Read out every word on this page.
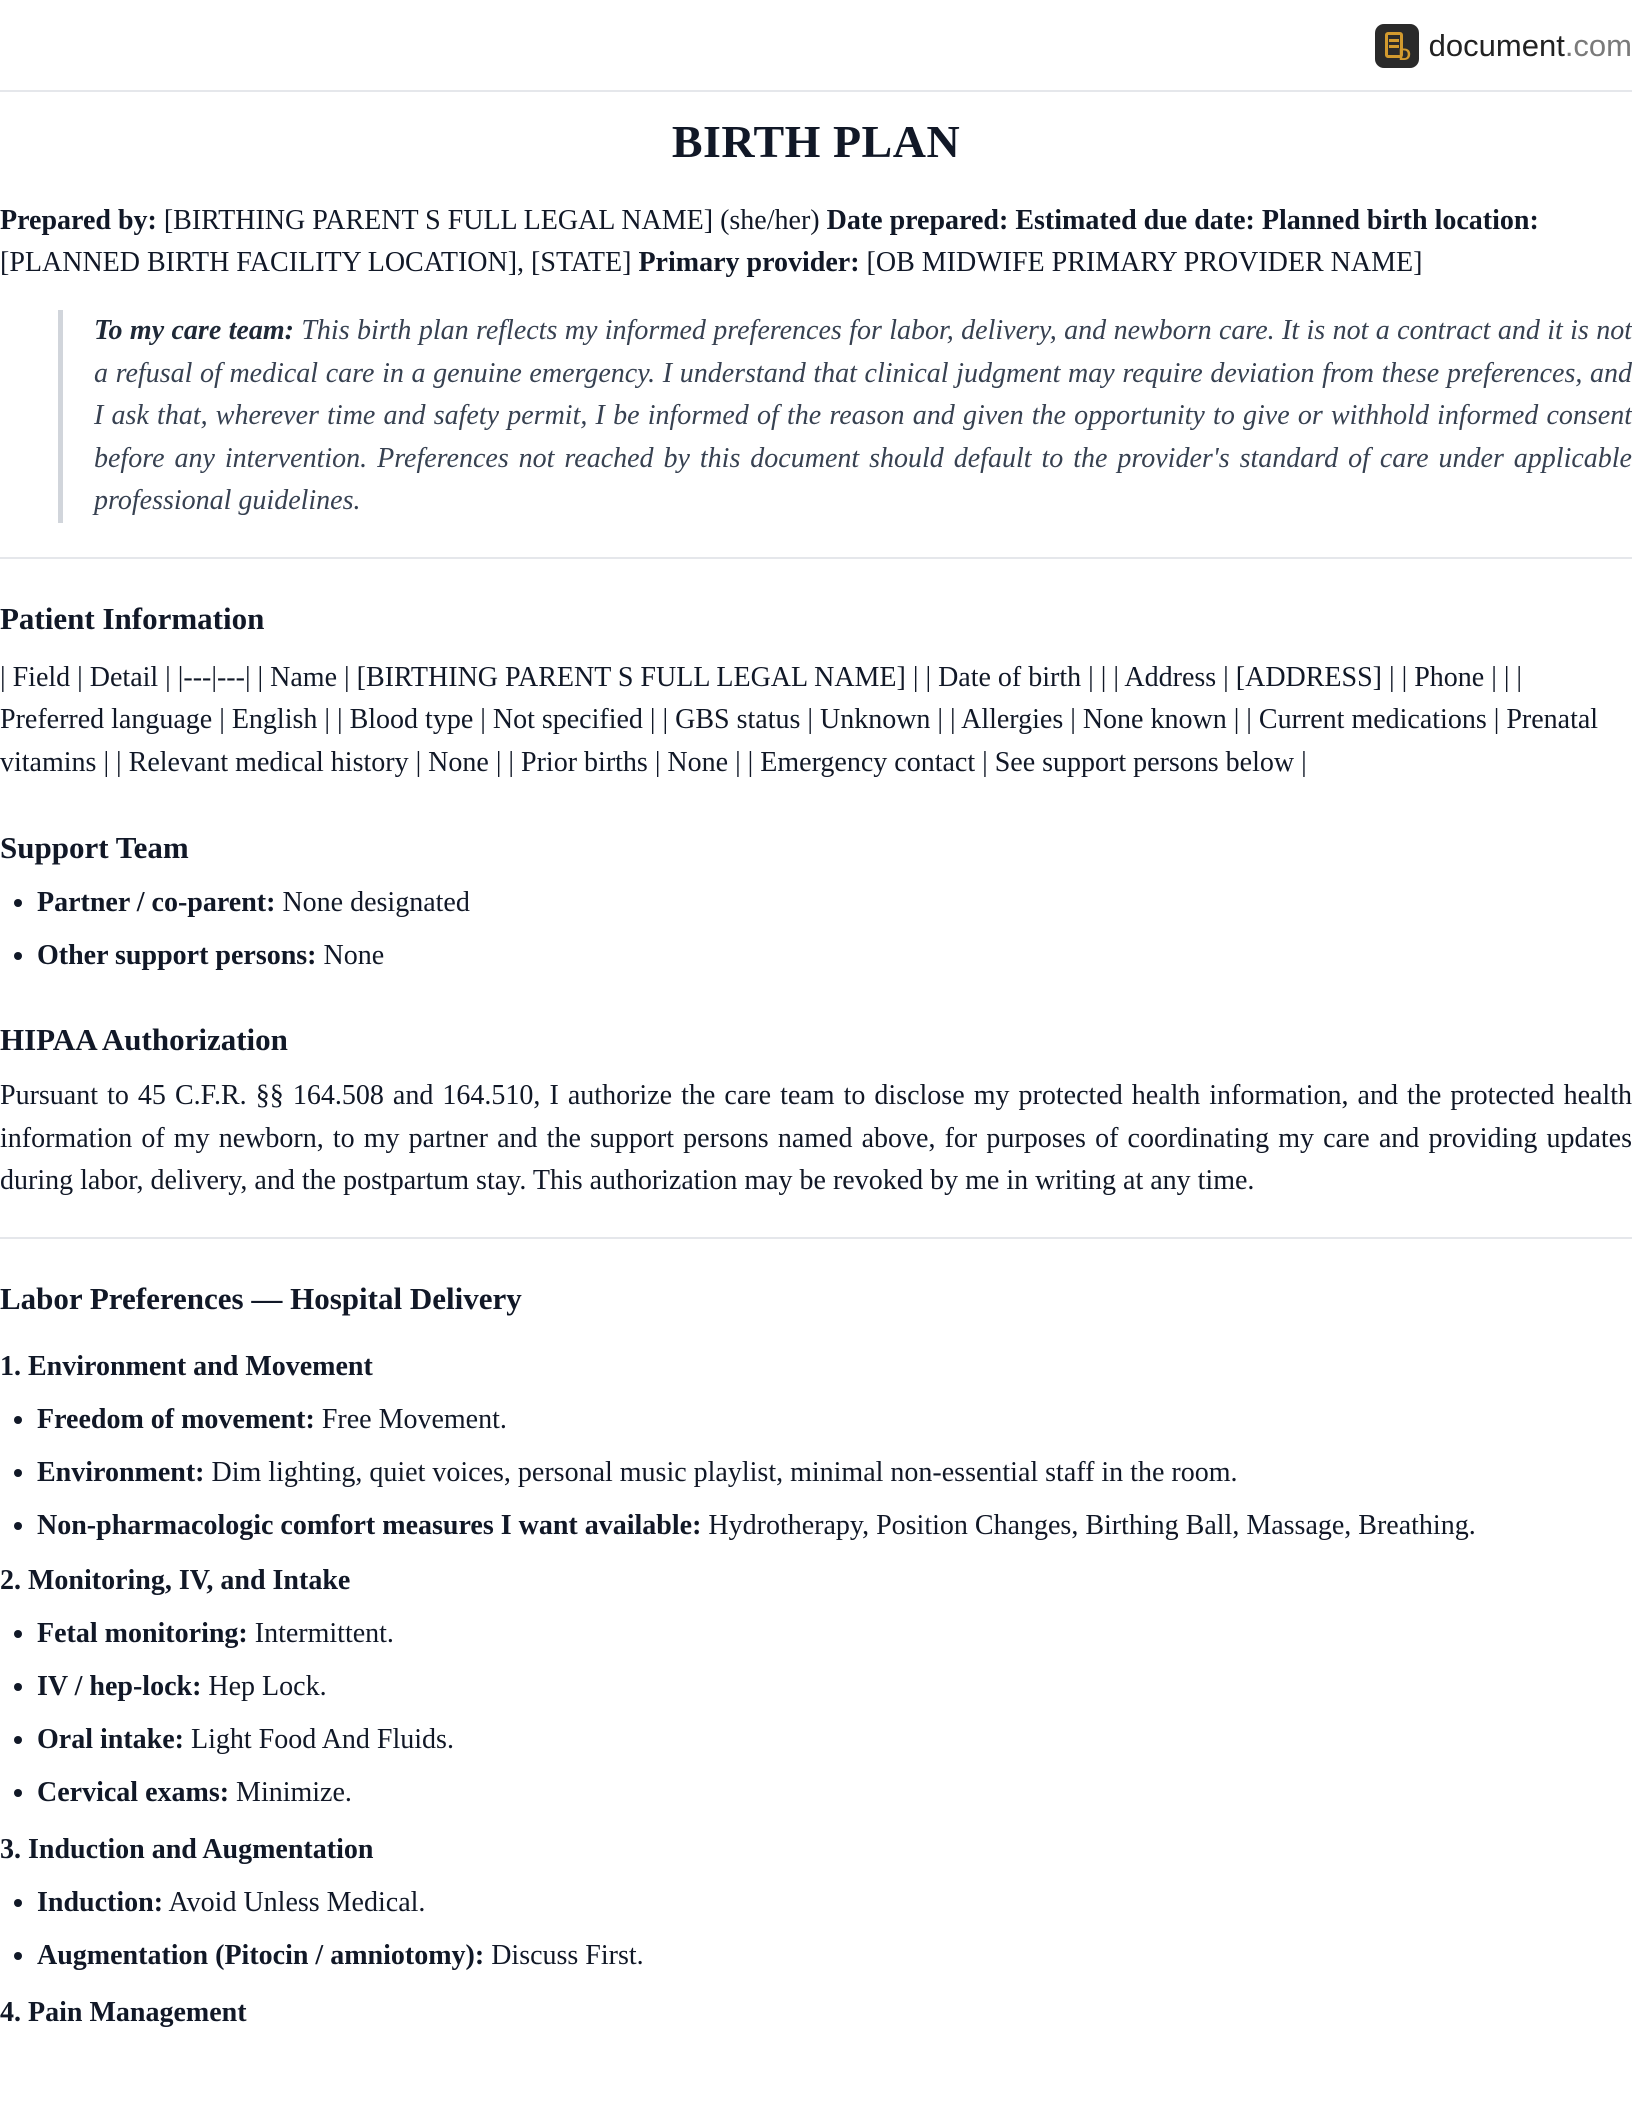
D document.com
BIRTH PLAN

Prepared by: [BIRTHING PARENT S FULL LEGAL NAME] (she/her) Date prepared: Estimated due date: Planned birth location: [PLANNED BIRTH FACILITY LOCATION], [STATE] Primary provider: [OB MIDWIFE PRIMARY PROVIDER NAME]

To my care team: This birth plan reflects my informed preferences for labor, delivery, and newborn care. It is not a contract and it is not a refusal of medical care in a genuine emergency. I understand that clinical judgment may require deviation from these preferences, and I ask that, wherever time and safety permit, I be informed of the reason and given the opportunity to give or withhold informed consent before any intervention. Preferences not reached by this document should default to the provider's standard of care under applicable professional guidelines.
Patient Information

| Field | Detail | |---|---| | Name | [BIRTHING PARENT S FULL LEGAL NAME] | | Date of birth | | | Address | [ADDRESS] | | Phone | | | Preferred language | English | | Blood type | Not specified | | GBS status | Unknown | | Allergies | None known | | Current medications | Prenatal vitamins | | Relevant medical history | None | | Prior births | None | | Emergency contact | See support persons below |

Support Team
• Partner / co-parent: None designated
• Other support persons: None
HIPAA Authorization

Pursuant to 45 C.F.R. §§ 164.508 and 164.510, I authorize the care team to disclose my protected health information, and the protected health information of my newborn, to my partner and the support persons named above, for purposes of coordinating my care and providing updates during labor, delivery, and the postpartum stay. This authorization may be revoked by me in writing at any time.

Labor Preferences — Hospital Delivery
1. Environment and Movement
• Freedom of movement: Free Movement.
• Environment: Dim lighting, quiet voices, personal music playlist, minimal non-essential staff in the room.
• Non-pharmacologic comfort measures I want available: Hydrotherapy, Position Changes, Birthing Ball, Massage, Breathing.
2. Monitoring, IV, and Intake
• Fetal monitoring: Intermittent.
• IV / hep-lock: Hep Lock.
• Oral intake: Light Food And Fluids.
• Cervical exams: Minimize.
3. Induction and Augmentation
• Induction: Avoid Unless Medical.
• Augmentation (Pitocin / amniotomy): Discuss First.
4. Pain Management
